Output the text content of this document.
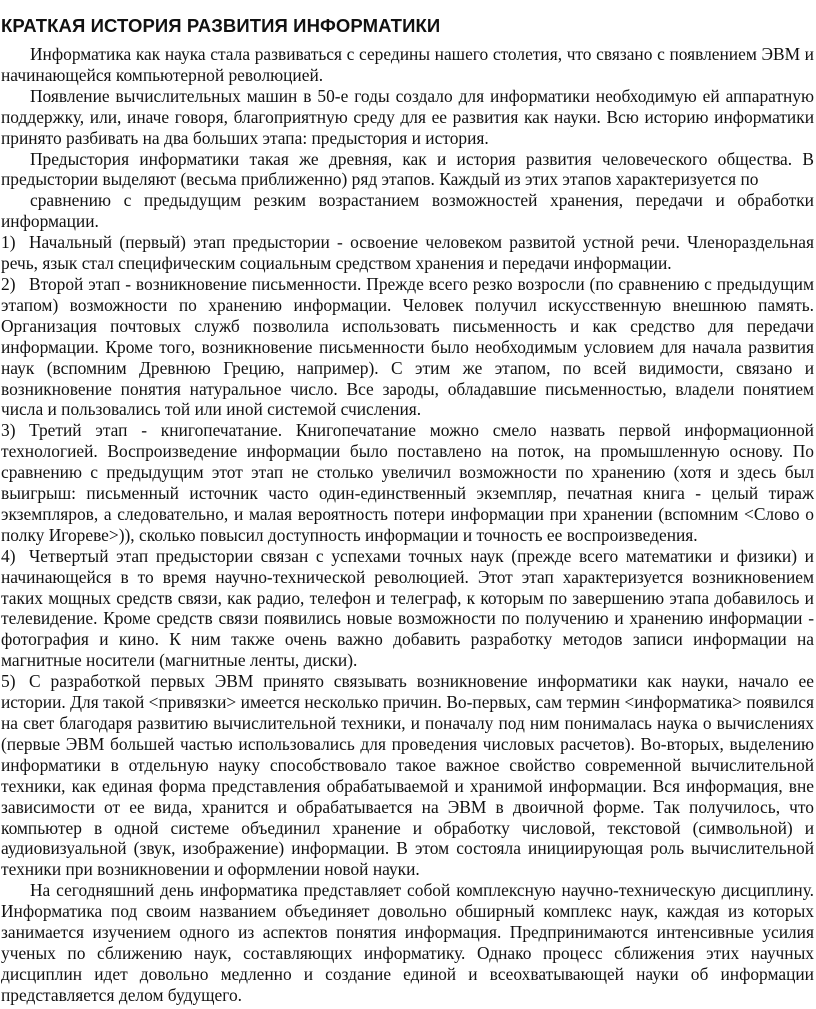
КРАТКАЯ ИСТОРИЯ РАЗВИТИЯ ИНФОРМАТИКИ

Информатика как наука стала развиваться с середины нашего столетия, что связано с появлением ЭВМ и начинающейся компьютерной революцией.

Появление вычислительных машин в 50-е годы создало для информатики необходимую ей аппаратную поддержку, или, иначе говоря, благоприятную среду для ее развития как науки. Всю историю информатики принято разбивать на два больших этапа: предыстория и история.

Предыстория информатики такая же древняя, как и история развития человеческого общества. В предыстории выделяют (весьма приближенно) ряд этапов. Каждый из этих этапов характеризуется по

сравнению с предыдущим резким возрастанием возможностей хранения, передачи и обработки информации.

1) Начальный (первый) этап предыстории - освоение человеком развитой устной речи. Членораздельная речь, язык стал специфическим социальным средством хранения и передачи информации.

2) Второй этап - возникновение письменности. Прежде всего резко возросли (по сравнению с предыдущим этапом) возможности по хранению информации. Человек получил искусственную внешнюю память. Организация почтовых служб позволила использовать письменность и как средство для передачи информации. Кроме того, возникновение письменности было необходимым условием для начала развития наук (вспомним Древнюю Грецию, например). С этим же этапом, по всей видимости, связано и возникновение понятия натуральное число. Все зароды, обладавшие письменностью, владели понятием числа и пользовались той или иной системой счисления.

3) Третий этап - книгопечатание. Книгопечатание можно смело назвать первой информационной технологией. Воспроизведение информации было поставлено на поток, на промышленную основу. По сравнению с предыдущим этот этап не столько увеличил возможности по хранению (хотя и здесь был выигрыш: письменный источник часто один-единственный экземпляр, печатная книга - целый тираж экземпляров, а следовательно, и малая вероятность потери информации при хранении (вспомним <Слово о полку Игореве>)), сколько повысил доступность информации и точность ее воспроизведения.

4) Четвертый этап предыстории связан с успехами точных наук (прежде всего математики и физики) и начинающейся в то время научно-технической революцией. Этот этап характеризуется возникновением таких мощных средств связи, как радио, телефон и телеграф, к которым по завершению этапа добавилось и телевидение. Кроме средств связи появились новые возможности по получению и хранению информации - фотография и кино. К ним также очень важно добавить разработку методов записи информации на магнитные носители (магнитные ленты, диски).

5) С разработкой первых ЭВМ принято связывать возникновение информатики как науки, начало ее истории. Для такой <привязки> имеется несколько причин. Во-первых, сам термин <информатика> появился на свет благодаря развитию вычислительной техники, и поначалу под ним понималась наука о вычислениях (первые ЭВМ большей частью использовались для проведения числовых расчетов). Во-вторых, выделению информатики в отдельную науку способствовало такое важное свойство современной вычислительной техники, как единая форма представления обрабатываемой и хранимой информации. Вся информация, вне зависимости от ее вида, хранится и обрабатывается на ЭВМ в двоичной форме. Так получилось, что компьютер в одной системе объединил хранение и обработку числовой, текстовой (символьной) и аудиовизуальной (звук, изображение) информации. В этом состояла инициирующая роль вычислительной техники при возникновении и оформлении новой науки.

На сегодняшний день информатика представляет собой комплексную научно-техническую дисциплину. Информатика под своим названием объединяет довольно обширный комплекс наук, каждая из которых занимается изучением одного из аспектов понятия информация. Предпринимаются интенсивные усилия ученых по сближению наук, составляющих информатику. Однако процесс сближения этих научных дисциплин идет довольно медленно и создание единой и всеохватывающей науки об информации представляется делом будущего.
